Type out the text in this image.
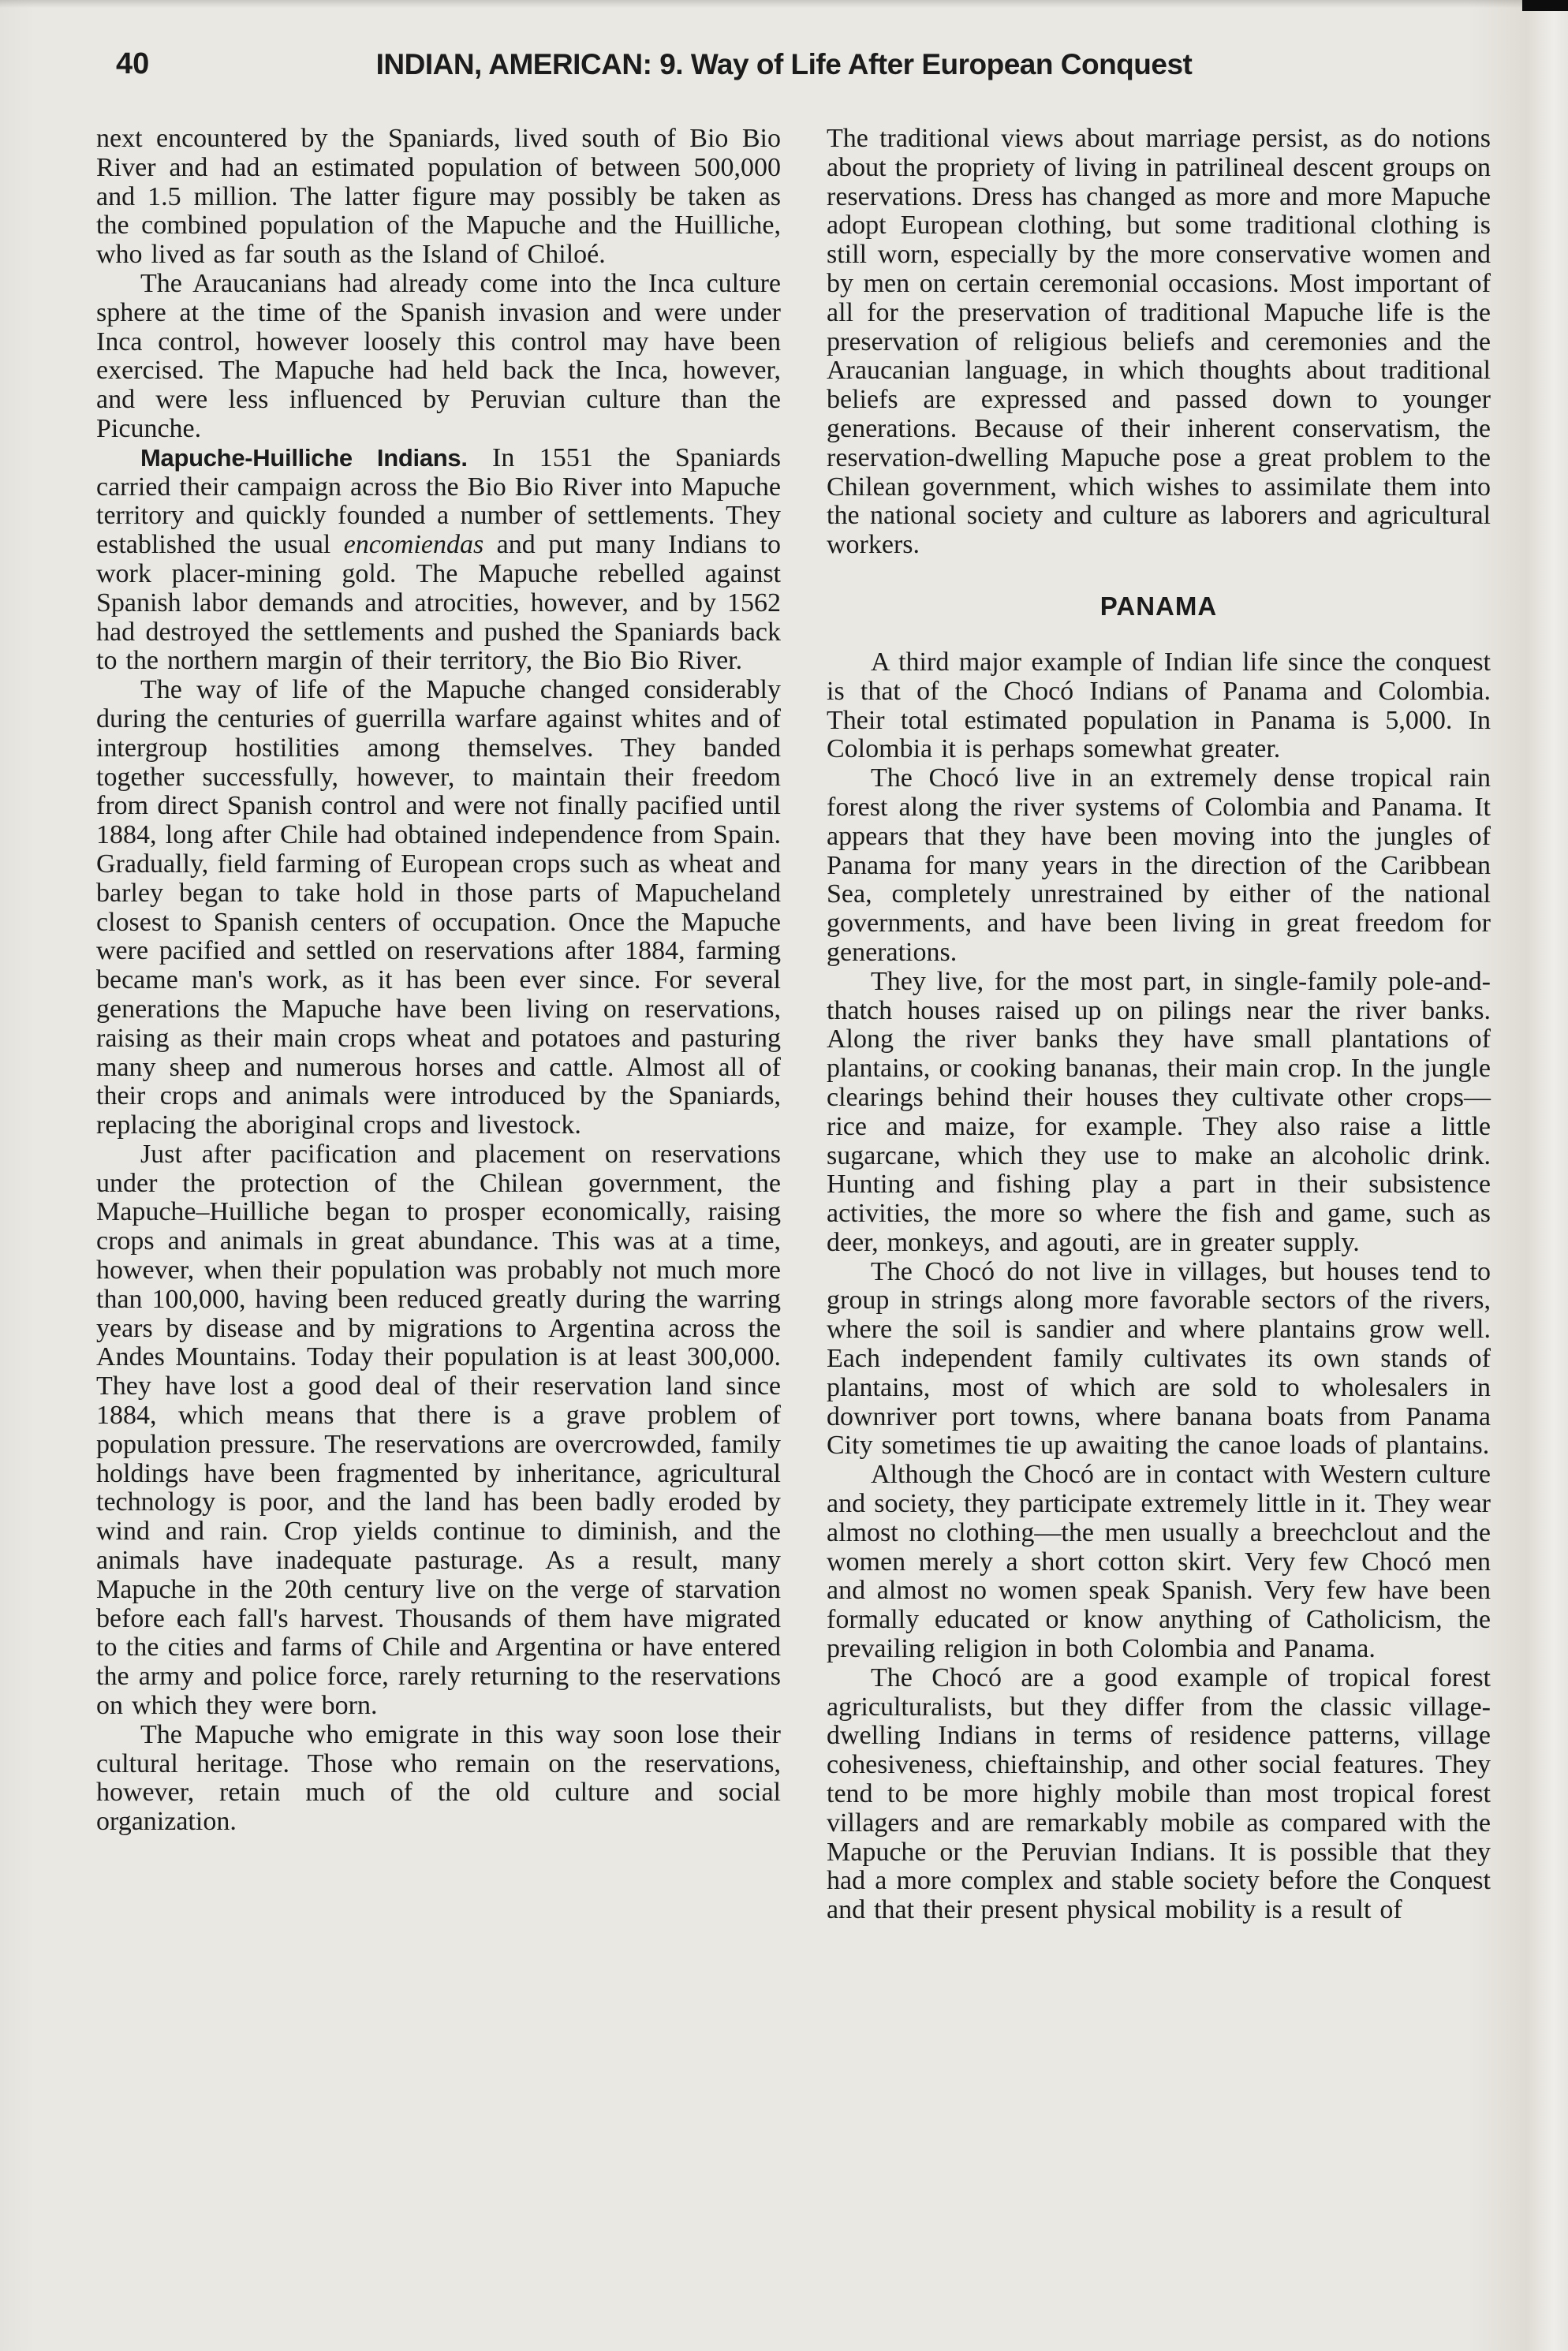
40	INDIAN, AMERICAN: 9. Way of Life After European Conquest

next encountered by the Spaniards, lived south of Bio Bio River and had an estimated population of between 500,000 and 1.5 million. The latter figure may possibly be taken as the combined population of the Mapuche and the Huilliche, who lived as far south as the Island of Chiloé.

The Araucanians had already come into the Inca culture sphere at the time of the Spanish invasion and were under Inca control, however loosely this control may have been exercised. The Mapuche had held back the Inca, however, and were less influenced by Peruvian culture than the Picunche.

Mapuche-Huilliche Indians. In 1551 the Spaniards carried their campaign across the Bio Bio River into Mapuche territory and quickly founded a number of settlements. They established the usual encomiendas and put many Indians to work placer-mining gold. The Mapuche rebelled against Spanish labor demands and atrocities, however, and by 1562 had destroyed the settlements and pushed the Spaniards back to the northern margin of their territory, the Bio Bio River.

The way of life of the Mapuche changed considerably during the centuries of guerrilla warfare against whites and of intergroup hostilities among themselves. They banded together successfully, however, to maintain their freedom from direct Spanish control and were not finally pacified until 1884, long after Chile had obtained independence from Spain. Gradually, field farming of European crops such as wheat and barley began to take hold in those parts of Mapucheland closest to Spanish centers of occupation. Once the Mapuche were pacified and settled on reservations after 1884, farming became man's work, as it has been ever since. For several generations the Mapuche have been living on reservations, raising as their main crops wheat and potatoes and pasturing many sheep and numerous horses and cattle. Almost all of their crops and animals were introduced by the Spaniards, replacing the aboriginal crops and livestock.

Just after pacification and placement on reservations under the protection of the Chilean government, the Mapuche–Huilliche began to prosper economically, raising crops and animals in great abundance. This was at a time, however, when their population was probably not much more than 100,000, having been reduced greatly during the warring years by disease and by migrations to Argentina across the Andes Mountains. Today their population is at least 300,000. They have lost a good deal of their reservation land since 1884, which means that there is a grave problem of population pressure. The reservations are overcrowded, family holdings have been fragmented by inheritance, agricultural technology is poor, and the land has been badly eroded by wind and rain. Crop yields continue to diminish, and the animals have inadequate pasturage. As a result, many Mapuche in the 20th century live on the verge of starvation before each fall's harvest. Thousands of them have migrated to the cities and farms of Chile and Argentina or have entered the army and police force, rarely returning to the reservations on which they were born.

The Mapuche who emigrate in this way soon lose their cultural heritage. Those who remain on the reservations, however, retain much of the old culture and social organization.

The traditional views about marriage persist, as do notions about the propriety of living in patrilineal descent groups on reservations. Dress has changed as more and more Mapuche adopt European clothing, but some traditional clothing is still worn, especially by the more conservative women and by men on certain ceremonial occasions. Most important of all for the preservation of traditional Mapuche life is the preservation of religious beliefs and ceremonies and the Araucanian language, in which thoughts about traditional beliefs are expressed and passed down to younger generations. Because of their inherent conservatism, the reservation-dwelling Mapuche pose a great problem to the Chilean government, which wishes to assimilate them into the national society and culture as laborers and agricultural workers.

PANAMA

A third major example of Indian life since the conquest is that of the Chocó Indians of Panama and Colombia. Their total estimated population in Panama is 5,000. In Colombia it is perhaps somewhat greater.

The Chocó live in an extremely dense tropical rain forest along the river systems of Colombia and Panama. It appears that they have been moving into the jungles of Panama for many years in the direction of the Caribbean Sea, completely unrestrained by either of the national governments, and have been living in great freedom for generations.

They live, for the most part, in single-family pole-and-thatch houses raised up on pilings near the river banks. Along the river banks they have small plantations of plantains, or cooking bananas, their main crop. In the jungle clearings behind their houses they cultivate other crops—rice and maize, for example. They also raise a little sugarcane, which they use to make an alcoholic drink. Hunting and fishing play a part in their subsistence activities, the more so where the fish and game, such as deer, monkeys, and agouti, are in greater supply.

The Chocó do not live in villages, but houses tend to group in strings along more favorable sectors of the rivers, where the soil is sandier and where plantains grow well. Each independent family cultivates its own stands of plantains, most of which are sold to wholesalers in downriver port towns, where banana boats from Panama City sometimes tie up awaiting the canoe loads of plantains.

Although the Chocó are in contact with Western culture and society, they participate extremely little in it. They wear almost no clothing—the men usually a breechclout and the women merely a short cotton skirt. Very few Chocó men and almost no women speak Spanish. Very few have been formally educated or know anything of Catholicism, the prevailing religion in both Colombia and Panama.

The Chocó are a good example of tropical forest agriculturalists, but they differ from the classic village-dwelling Indians in terms of residence patterns, village cohesiveness, chieftainship, and other social features. They tend to be more highly mobile than most tropical forest villagers and are remarkably mobile as compared with the Mapuche or the Peruvian Indians. It is possible that they had a more complex and stable society before the Conquest and that their present physical mobility is a result of
